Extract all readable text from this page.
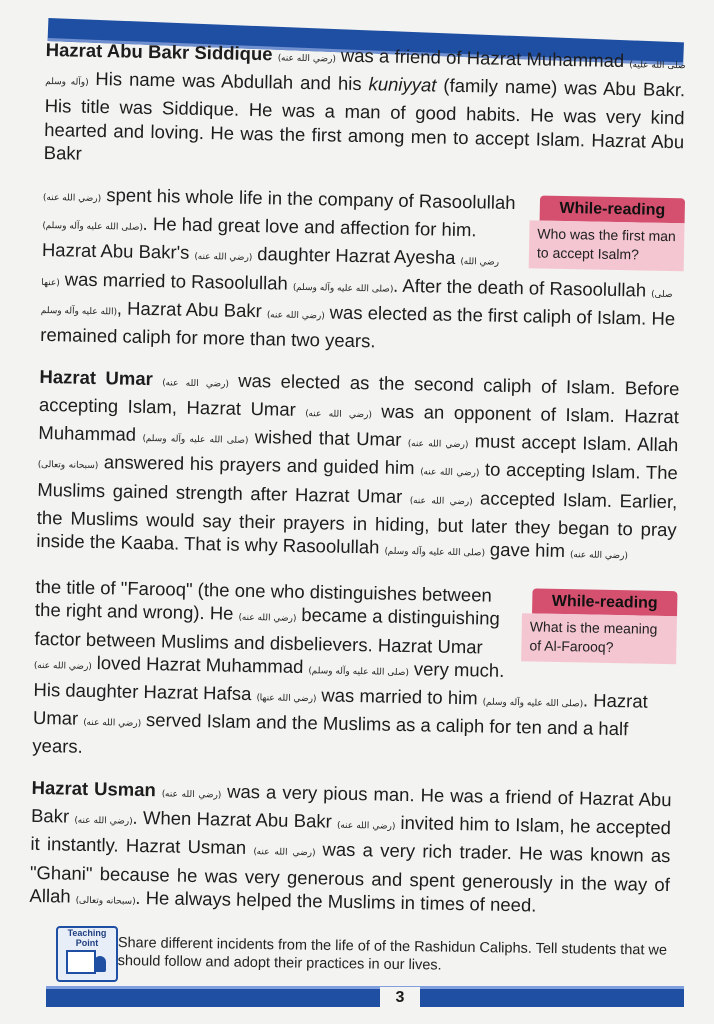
Hazrat Abu Bakr Siddique (رضي الله عنه) was a friend of Hazrat Muhammad (صلى الله عليه وآله وسلم) His name was Abdullah and his kuniyyat (family name) was Abu Bakr. His title was Siddique. He was a man of good habits. He was very kind hearted and loving. He was the first among men to accept Islam. Hazrat Abu Bakr

While-reading
Who was the first man to accept Isalm?
(رضي الله عنه) spent his whole life in the company of Rasoolullah (صلى الله عليه وآله وسلم). He had great love and affection for him. Hazrat Abu Bakr's (رضي الله عنه) daughter Hazrat Ayesha (رضي الله عنها) was married to Rasoolullah (صلى الله عليه وآله وسلم). After the death of Rasoolullah (صلى الله عليه وآله وسلم), Hazrat Abu Bakr (رضي الله عنه) was elected as the first caliph of Islam. He remained caliph for more than two years.

Hazrat Umar (رضي الله عنه) was elected as the second caliph of Islam. Before accepting Islam, Hazrat Umar (رضي الله عنه) was an opponent of Islam. Hazrat Muhammad (صلى الله عليه وآله وسلم) wished that Umar (رضي الله عنه) must accept Islam. Allah (سبحانه وتعالى) answered his prayers and guided him (رضي الله عنه) to accepting Islam. The Muslims gained strength after Hazrat Umar (رضي الله عنه) accepted Islam. Earlier, the Muslims would say their prayers in hiding, but later they began to pray inside the Kaaba. That is why Rasoolullah (صلى الله عليه وآله وسلم) gave him (رضي الله عنه)

While-reading
What is the meaning of Al-Farooq?
the title of "Farooq" (the one who distinguishes between the right and wrong). He (رضي الله عنه) became a distinguishing factor between Muslims and disbelievers. Hazrat Umar (رضي الله عنه) loved Hazrat Muhammad (صلى الله عليه وآله وسلم) very much. His daughter Hazrat Hafsa (رضي الله عنها) was married to him (صلى الله عليه وآله وسلم). Hazrat Umar (رضي الله عنه) served Islam and the Muslims as a caliph for ten and a half years.

Hazrat Usman (رضي الله عنه) was a very pious man. He was a friend of Hazrat Abu Bakr (رضي الله عنه). When Hazrat Abu Bakr (رضي الله عنه) invited him to Islam, he accepted it instantly. Hazrat Usman (رضي الله عنه) was a very rich trader. He was known as "Ghani" because he was very generous and spent generously in the way of Allah (سبحانه وتعالى). He always helped the Muslims in times of need.

Teaching Point	Share different incidents from the life of of the Rashidun Caliphs. Tell students that we should follow and adopt their practices in our lives.
3
